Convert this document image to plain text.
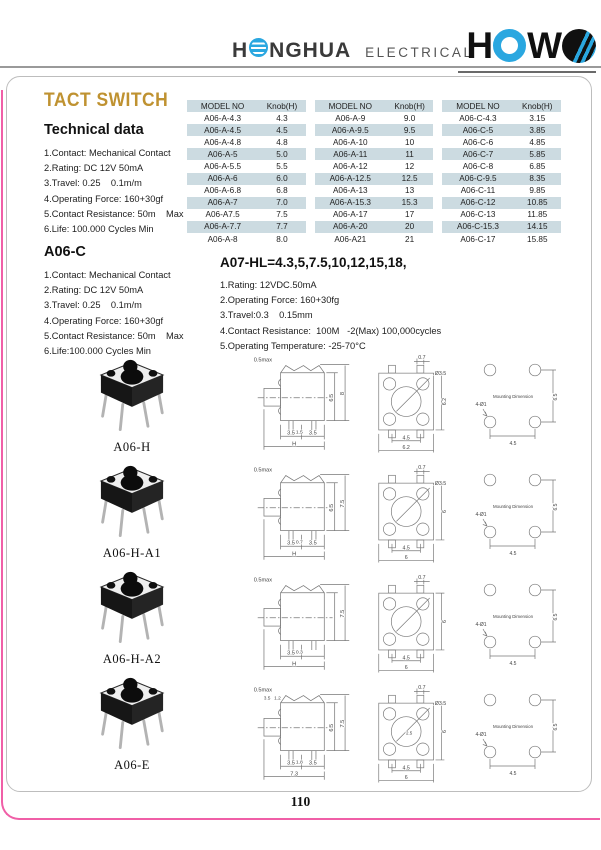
H NGHUA ELECTRICAL
H W
TACT SWITCH	MODEL NO	Knob(H)
A06-A-4.3	4.3
A06-A-4.5	4.5
A06-A-4.8	4.8
A06-A-5	5.0
A06-A-5.5	5.5
A06-A-6	6.0
A06-A-6.8	6.8
A06-A-7	7.0
A06-A7.5	7.5
A06-A-7.7	7.7
A06-A-8	8.0
MODEL NO	Knob(H)
A06-A-9	9.0
A06-A-9.5	9.5
A06-A-10	10
A06-A-11	11
A06-A-12	12
A06-A-12.5	12.5
A06-A-13	13
A06-A-15.3	15.3
A06-A-17	17
A06-A-20	20
A06-A21	21
MODEL NO	Knob(H)
A06-C-4.3	3.15
A06-C-5	3.85
A06-C-6	4.85
A06-C-7	5.85
A06-C-8	6.85
A06-C-9.5	8.35
A06-C-11	9.85
A06-C-12	10.85
A06-C-13	11.85
A06-C-15.3	14.15
A06-C-17	15.85
Technical data
1.Contact: Mechanical Contact
2.Rating: DC 12V 50mA
3.Travel: 0.25    0.1m/m
4.Operating Force: 160+30gf
5.Contact Resistance: 50m    Max
6.Life: 100.000 Cycles Min
A06-C
1.Contact: Mechanical Contact
2.Rating: DC 12V 50mA
3.Travel: 0.25    0.1m/m
4.Operating Force: 160+30gf
5.Contact Resistance: 50m    Max
6.Life:100.000 Cycles Min
A07-HL=4.3,5,7.5,10,12,15,18,
1.Rating: 12VDC.50mA
2.Operating Force: 160+30fg
3.Travel:0.3    0.15mm
4.Contact Resistance:  100M   -2(Max) 100,000cycles
5.Operating Temperature: -25-70°C
A06-H
A06-H-A1
A06-H-A2
A06-E
0.5max
6.5
8
1.5
3.5	3.5
H
0.7
Ø3.5
6.2
4.5
6.2
Mounting Dimension	6.5
4-Ø1
4.5
0.5max
6.5
7.5
0.7
3.5	3.5
H
0.7
Ø3.5
6
4.5
6
Mounting Dimension	6.5
4-Ø1
4.5
0.5max
7.5
0.3
3.5
H
0.7
6
4.5
6
Mounting Dimension	6.5
4-Ø1
4.5
0.5max
3.5 1.2
6.5
7.5
1.8
3.5	3.5
7.3
0.7
Ø3.5
2.5	6
4.5
6
Mounting Dimension	6.5
4-Ø1
4.5
110
